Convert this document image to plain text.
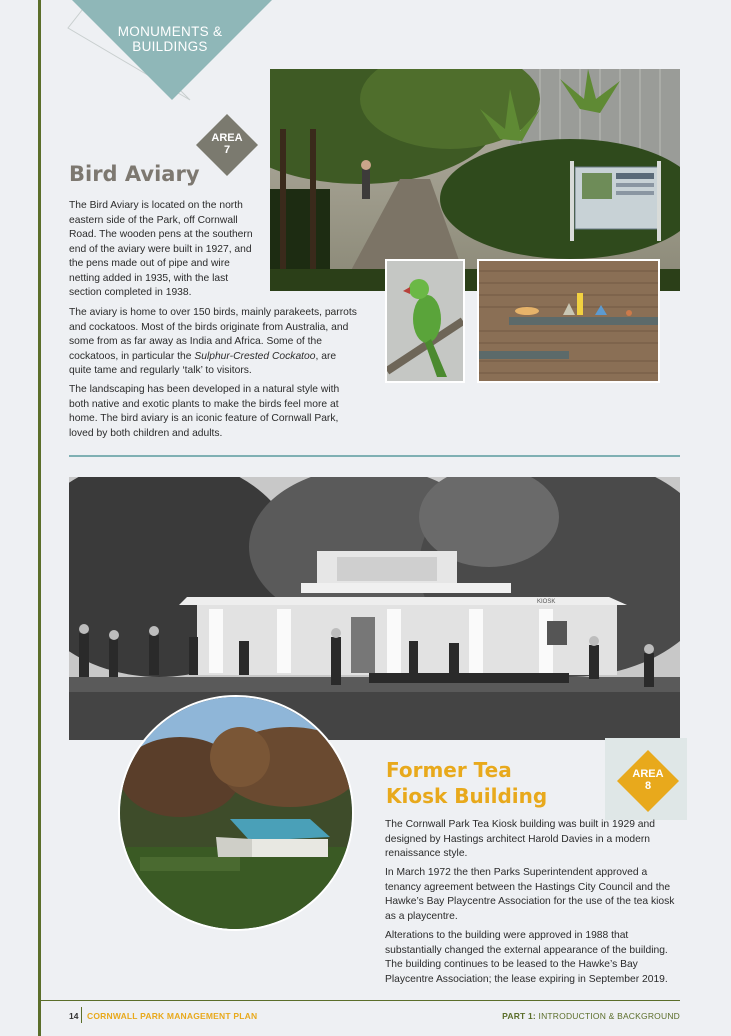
MONUMENTS &
BUILDINGS
AREA
7
Bird Aviary
The Bird Aviary is located on the north eastern side of the Park, off Cornwall Road. The wooden pens at the southern end of the aviary were built in 1927, and the pens made out of pipe and wire netting added in 1935, with the last section completed in 1938.
The aviary is home to over 150 birds, mainly parakeets, parrots and cockatoos. Most of the birds originate from Australia, and some from as far away as India and Africa. Some of the cockatoos, in particular the Sulphur-Crested Cockatoo, are quite tame and regularly ‘talk’ to visitors.
The landscaping has been developed in a natural style with both native and exotic plants to make the birds feel more at home. The bird aviary is an iconic feature of Cornwall Park, loved by both children and adults.
KIOSK
AREA
8
Former Tea
Kiosk Building
The Cornwall Park Tea Kiosk building was built in 1929 and designed by Hastings architect Harold Davies in a modern renaissance style.
In March 1972 the then Parks Superintendent approved a tenancy agreement between the Hastings City Council and the Hawke’s Bay Playcentre Association for the use of the tea kiosk as a playcentre.
Alterations to the building were approved in 1988 that substantially changed the external appearance of the building. The building continues to be leased to the Hawke’s Bay Playcentre Association; the lease expiring in September 2019.
14 CORNWALL PARK MANAGEMENT PLAN	PART 1: INTRODUCTION & BACKGROUND
